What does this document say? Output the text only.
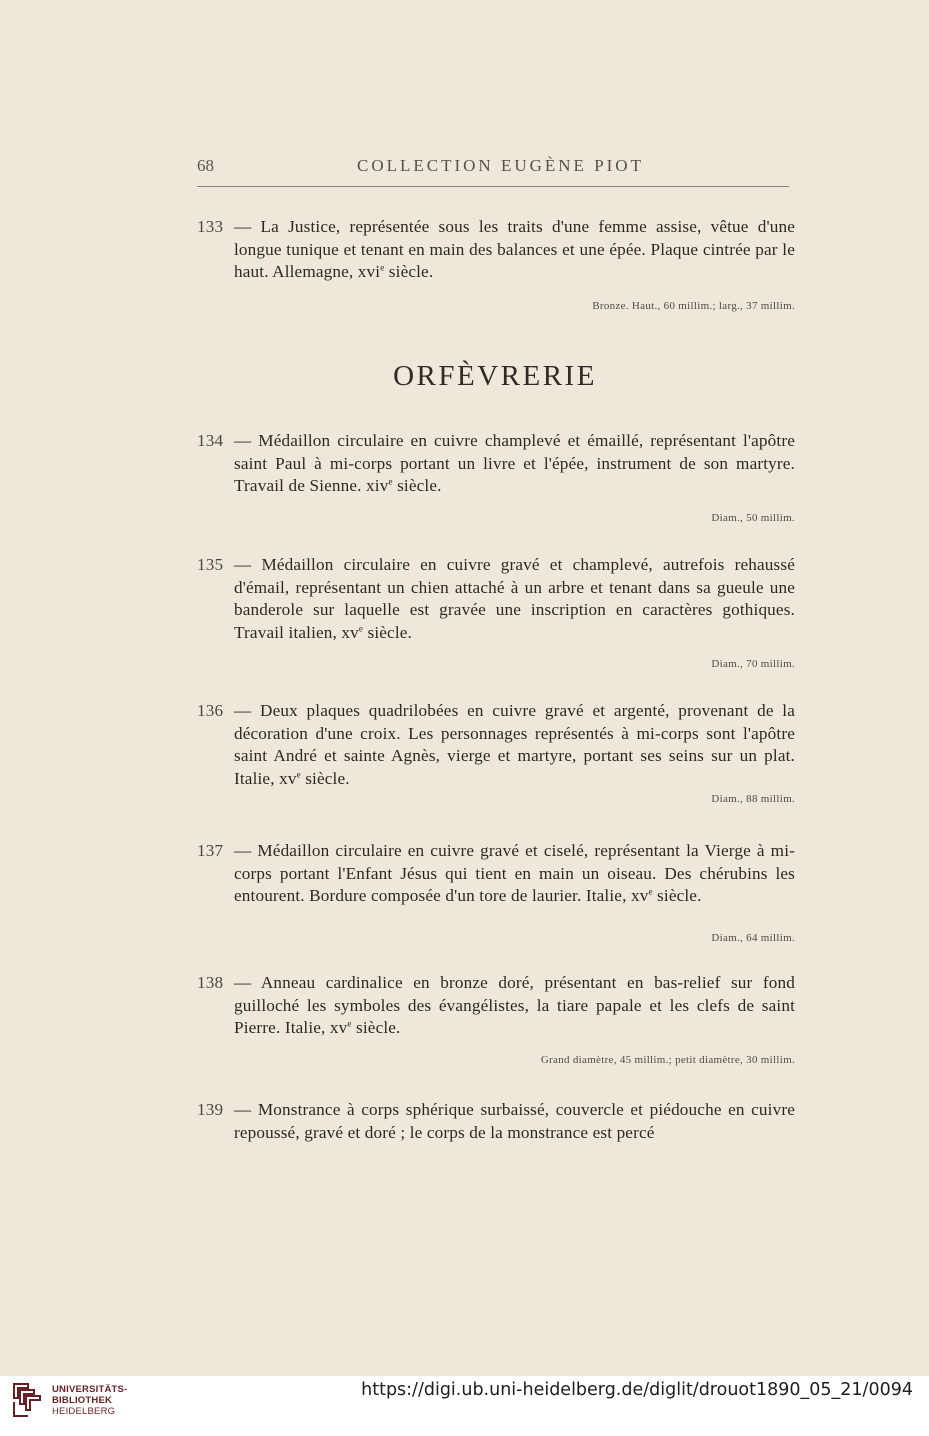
68	COLLECTION EUGÈNE PIOT

133 — La Justice, représentée sous les traits d'une femme assise, vêtue d'une longue tunique et tenant en main des balances et une épée. Plaque cintrée par le haut. Allemagne, xvi$^e$ siècle.

Bronze. Haut., 60 millim.; larg., 37 millim.
ORFÈVRERIE

134 — Médaillon circulaire en cuivre champlevé et émaillé, représentant l'apôtre saint Paul à mi-corps portant un livre et l'épée, instrument de son martyre. Travail de Sienne. xiv$^e$ siècle.

Diam., 50 millim.

135 — Médaillon circulaire en cuivre gravé et champlevé, autrefois rehaussé d'émail, représentant un chien attaché à un arbre et tenant dans sa gueule une banderole sur laquelle est gravée une inscription en caractères gothiques. Travail italien, $xv^e$ siècle.

Diam., 70 millim.

136 — Deux plaques quadrilobées en cuivre gravé et argenté, provenant de la décoration d'une croix. Les personnages représentés à mi-corps sont l'apôtre saint André et sainte Agnès, vierge et martyre, portant ses seins sur un plat. Italie, $xv^e$ siècle.

Diam., 88 millim.

137 — Médaillon circulaire en cuivre gravé et ciselé, représentant la Vierge à mi-corps portant l'Enfant Jésus qui tient en main un oiseau. Des chérubins les entourent. Bordure composée d'un tore de laurier. Italie, $xv^e$ siècle.

Diam., 64 millim.

138 — Anneau cardinalice en bronze doré, présentant en bas-relief sur fond guilloché les symboles des évangélistes, la tiare papale et les clefs de saint Pierre. Italie, $xv^e$ siècle.

Grand diamètre, 45 millim.; petit diamètre, 30 millim.

139 — Monstrance à corps sphérique surbaissé, couvercle et piédouche en cuivre repoussé, gravé et doré ; le corps de la monstrance est percé

UNIVERSITÄTS-
BIBLIOTHEK
HEIDELBERG
https://digi.ub.uni-heidelberg.de/diglit/drouot1890_05_21/0094
